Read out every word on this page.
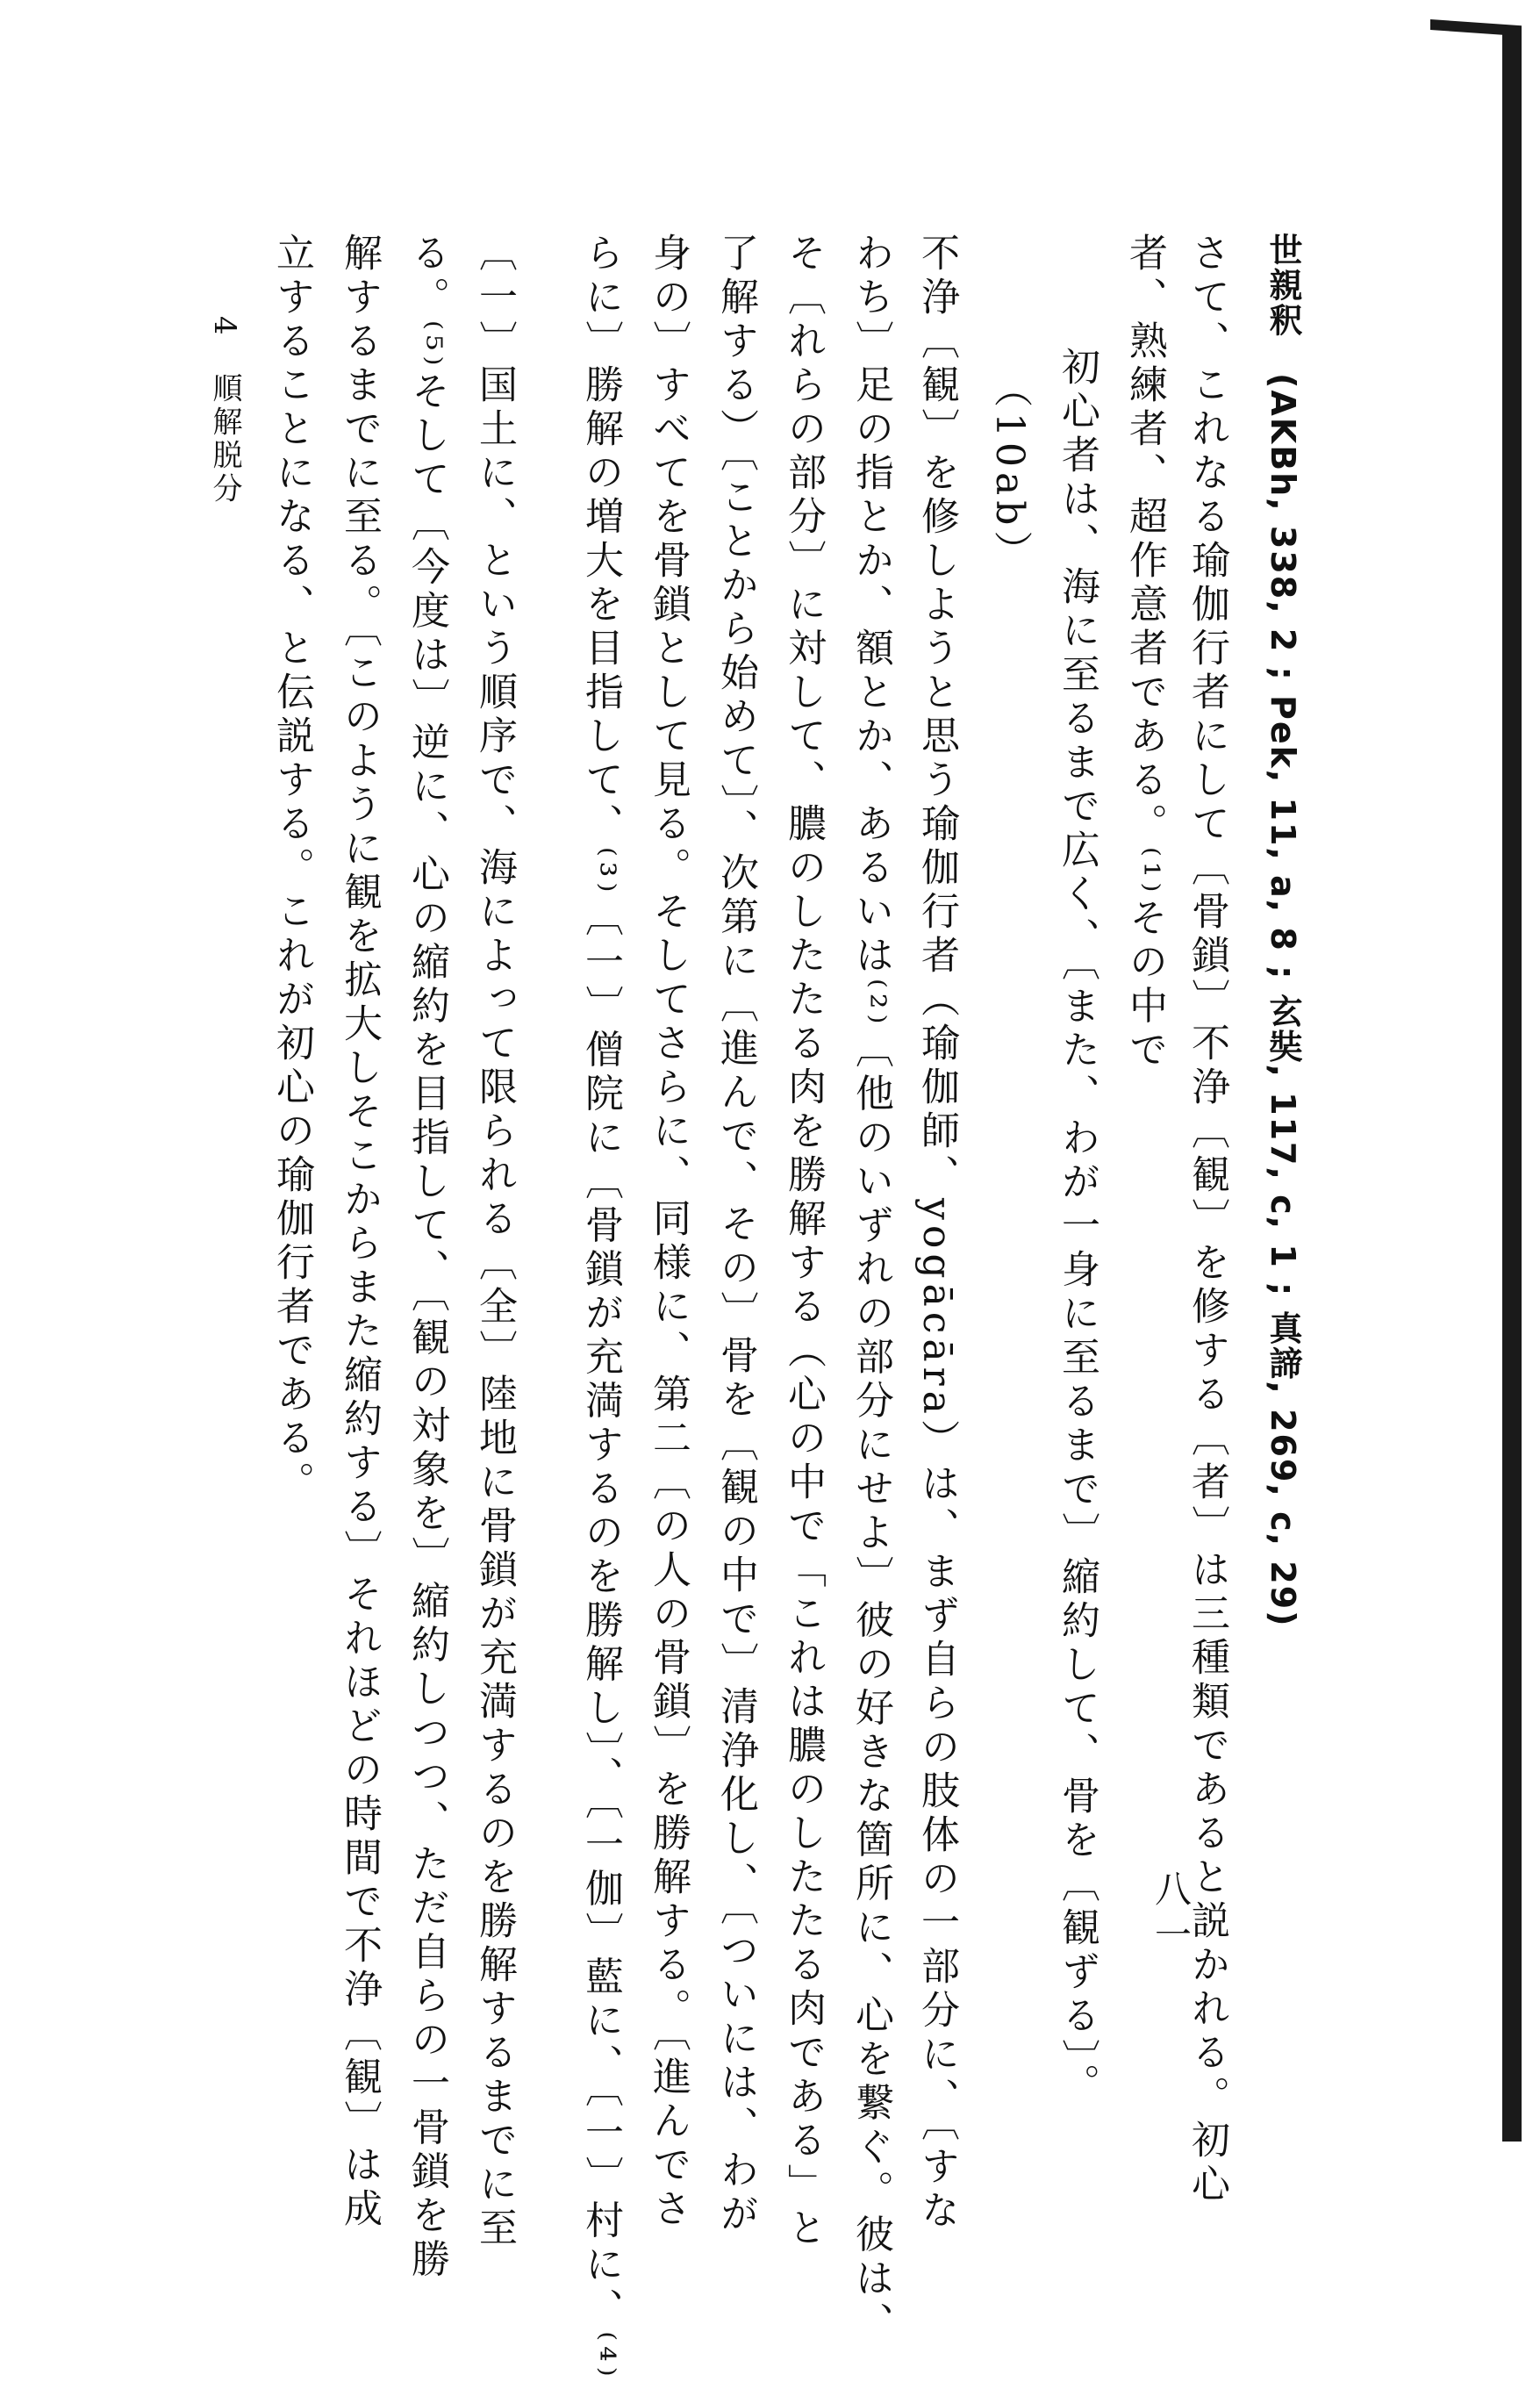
世親釈　(AKBh, 338, 2 ; Pek, 11, a, 8 ; 玄奘, 117, c, 1 ; 真諦, 269, c, 29)
さて、これなる瑜伽行者にして〔骨鎖〕不浄〔観〕を修する〔者〕は三種類であると説かれる。初心
者、熟練者、超作意者である。⁽¹⁾その中で
初心者は、海に至るまで広く、〔また、わが一身に至るまで〕縮約して、骨を〔観ずる〕。
（10ab）
不浄〔観〕を修しようと思う瑜伽行者（瑜伽師、yogācāra）は、まず自らの肢体の一部分に、〔すな
わち〕足の指とか、額とか、あるいは⁽²⁾〔他のいずれの部分にせよ〕彼の好きな箇所に、心を繋ぐ。彼は、
そ〔れらの部分〕に対して、膿のしたたる肉を勝解する（心の中で「これは膿のしたたる肉である」と
了解する）〔ことから始めて〕、次第に〔進んで、その〕骨を〔観の中で〕清浄化し、〔ついには、わが
身の〕すべてを骨鎖として見る。そしてさらに、同様に、第二〔の人の骨鎖〕を勝解する。〔進んでさ
らに〕勝解の増大を目指して、⁽³⁾〔一〕僧院に〔骨鎖が充満するのを勝解し〕、〔一伽〕藍に、〔一〕村に、⁽⁴⁾
〔一〕国土に、という順序で、海によって限られる〔全〕陸地に骨鎖が充満するのを勝解するまでに至
る。⁽⁵⁾そして〔今度は〕逆に、心の縮約を目指して、〔観の対象を〕縮約しつつ、ただ自らの一骨鎖を勝
解するまでに至る。〔このように観を拡大しそこからまた縮約する〕それほどの時間で不浄〔観〕は成
立することになる、と伝説する。これが初心の瑜伽行者である。
4 順解脱分
八一
